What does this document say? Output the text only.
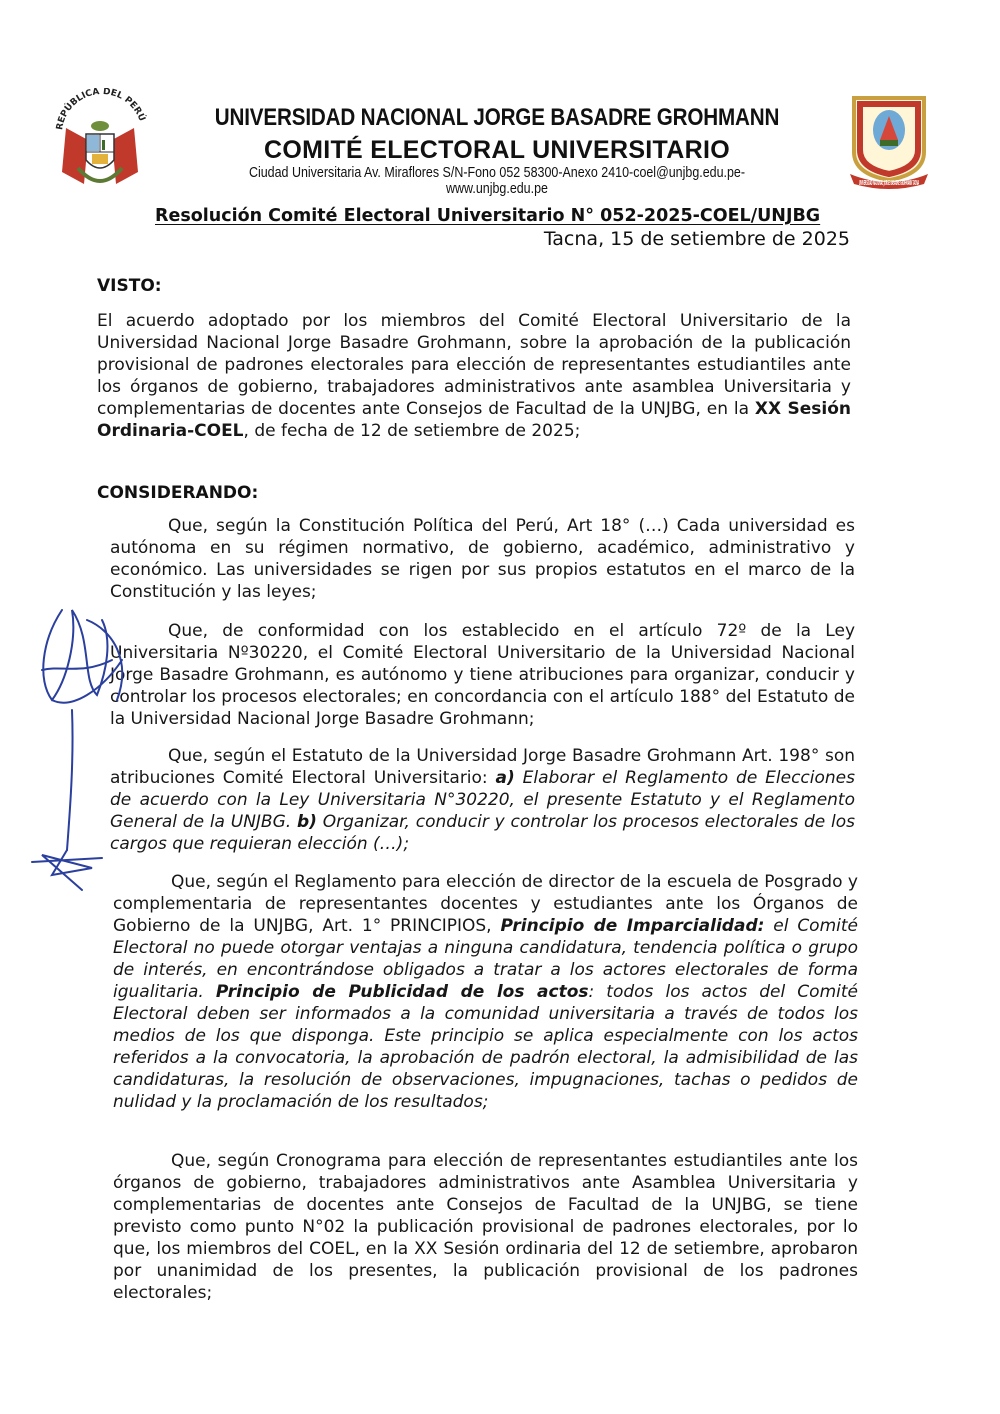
REPÚBLICA DEL PERÚ	UNIVERSIDAD NACIONAL JORGE BASADRE GROHMANN
COMITÉ ELECTORAL UNIVERSITARIO
Ciudad Universitaria Av. Miraflores S/N-Fono 052 58300-Anexo 2410-coel@unjbg.edu.pe-www.unjbg.edu.pe	UNIVERSIDAD NACIONAL JORGE BASADRE GROHMANN TACNA
Resolución Comité Electoral Universitario N° 052-2025-COEL/UNJBG
Tacna, 15 de setiembre de 2025
VISTO:
El acuerdo adoptado por los miembros del Comité Electoral Universitario de la Universidad Nacional Jorge Basadre Grohmann, sobre la aprobación de la publicación provisional de padrones electorales para elección de representantes estudiantiles ante los órganos de gobierno, trabajadores administrativos ante asamblea Universitaria y complementarias de docentes ante Consejos de Facultad de la UNJBG, en la XX Sesión Ordinaria-COEL, de fecha de 12 de setiembre de 2025;
CONSIDERANDO:
Que, según la Constitución Política del Perú, Art 18° (…) Cada universidad es autónoma en su régimen normativo, de gobierno, académico, administrativo y económico. Las universidades se rigen por sus propios estatutos en el marco de la Constitución y las leyes;
Que, de conformidad con los establecido en el artículo 72º de la Ley Universitaria Nº30220, el Comité Electoral Universitario de la Universidad Nacional Jorge Basadre Grohmann, es autónomo y tiene atribuciones para organizar, conducir y controlar los procesos electorales; en concordancia con el artículo 188° del Estatuto de la Universidad Nacional Jorge Basadre Grohmann;
Que, según el Estatuto de la Universidad Jorge Basadre Grohmann Art. 198° son atribuciones Comité Electoral Universitario: a) Elaborar el Reglamento de Elecciones de acuerdo con la Ley Universitaria N°30220, el presente Estatuto y el Reglamento General de la UNJBG. b) Organizar, conducir y controlar los procesos electorales de los cargos que requieran elección (…);
Que, según el Reglamento para elección de director de la escuela de Posgrado y complementaria de representantes docentes y estudiantes ante los Órganos de Gobierno de la UNJBG, Art. 1° PRINCIPIOS, Principio de Imparcialidad: el Comité Electoral no puede otorgar ventajas a ninguna candidatura, tendencia política o grupo de interés, en encontrándose obligados a tratar a los actores electorales de forma igualitaria. Principio de Publicidad de los actos: todos los actos del Comité Electoral deben ser informados a la comunidad universitaria a través de todos los medios de los que disponga. Este principio se aplica especialmente con los actos referidos a la convocatoria, la aprobación de padrón electoral, la admisibilidad de las candidaturas, la resolución de observaciones, impugnaciones, tachas o pedidos de nulidad y la proclamación de los resultados;
Que, según Cronograma para elección de representantes estudiantiles ante los órganos de gobierno, trabajadores administrativos ante Asamblea Universitaria y complementarias de docentes ante Consejos de Facultad de la UNJBG, se tiene previsto como punto N°02 la publicación provisional de padrones electorales, por lo que, los miembros del COEL, en la XX Sesión ordinaria del 12 de setiembre, aprobaron por unanimidad de los presentes, la publicación provisional de los padrones electorales;
